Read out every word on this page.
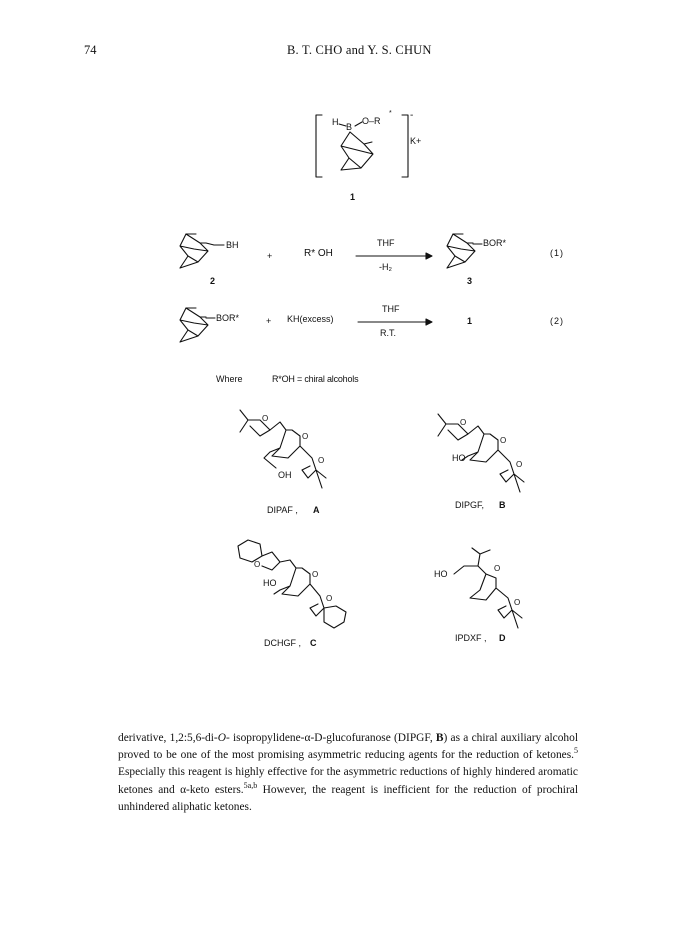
74	B. T. CHO and Y. S. CHUN
H B
O–R
* -
K+
1
BH
+	R* OH
THF
-H₂
BOR*
(1)
2	3
BOR*	+ KH(excess)
THF
R.T.
1	(2)
Where	R*OH = chiral alcohols
O
O
O
OH
DIPAF , A
O
O
O
HO
DIPGF, B
O
O
O
HO
DCHGF , C
O
O
HO
IPDXF , D
derivative, 1,2:5,6-di-O- isopropylidene-α-D-glucofuranose (DIPGF, B) as a chiral auxiliary alcohol proved to be one of the most promising asymmetric reducing agents for the reduction of ketones.$^5$ Especially this reagent is highly effective for the asymmetric reductions of highly hindered aromatic ketones and α-keto esters.$^{5a,b}$ However, the reagent is inefficient for the reduction of prochiral unhindered aliphatic ketones.
